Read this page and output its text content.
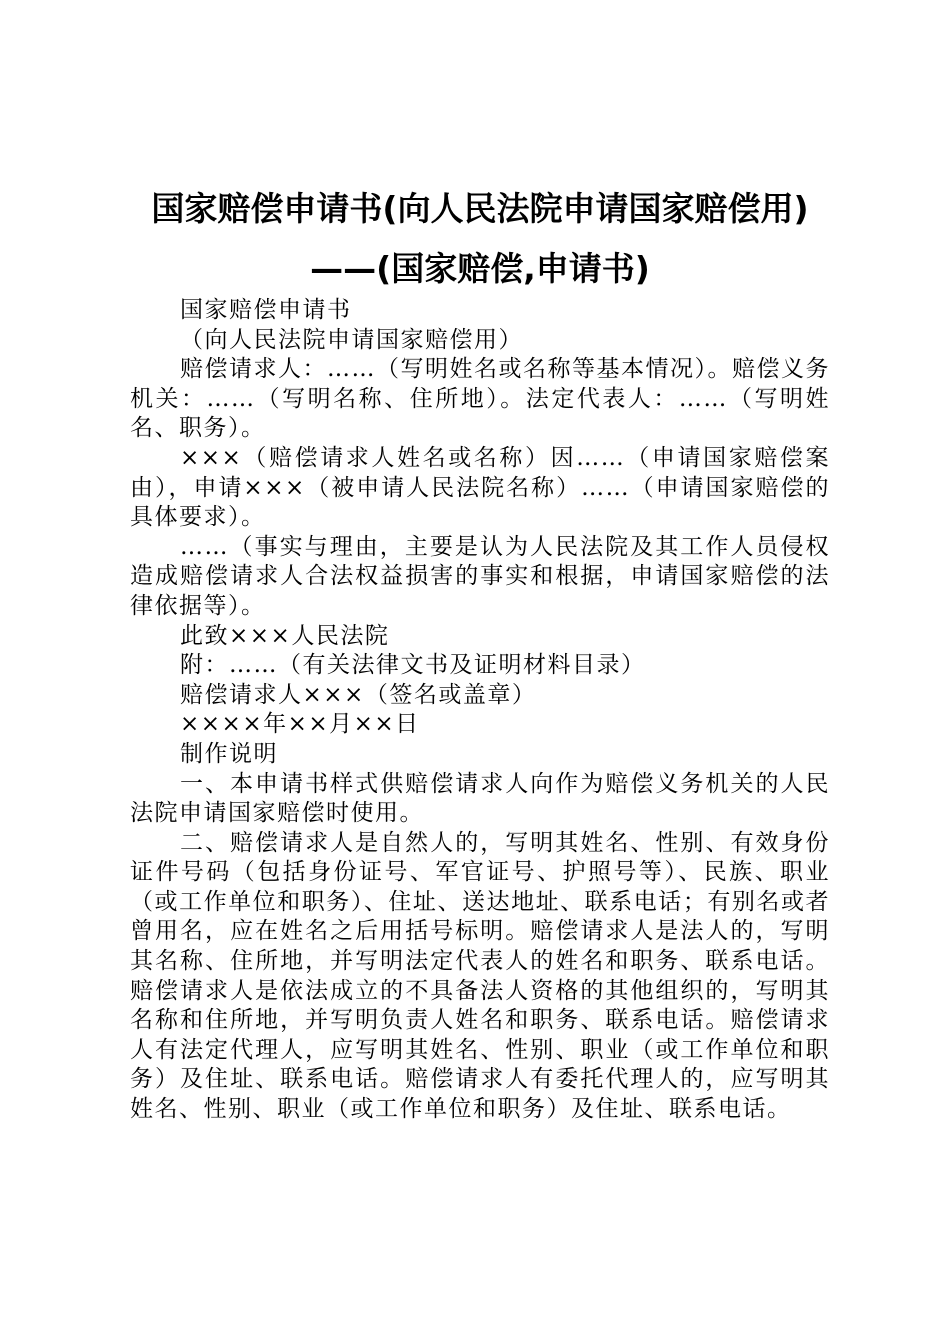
国家赔偿申请书(向人民法院申请国家赔偿用)
——(国家赔偿,申请书)

国家赔偿申请书

（向人民法院申请国家赔偿用）

赔偿请求人：……（写明姓名或名称等基本情况）。赔偿义务机关：……（写明名称、住所地）。法定代表人：……（写明姓名、职务）。

×××（赔偿请求人姓名或名称）因……（申请国家赔偿案由），申请×××（被申请人民法院名称）……（申请国家赔偿的具体要求）。

……（事实与理由，主要是认为人民法院及其工作人员侵权造成赔偿请求人合法权益损害的事实和根据，申请国家赔偿的法律依据等）。

此致×××人民法院

附：……（有关法律文书及证明材料目录）

赔偿请求人×××（签名或盖章）

××××年××月××日

制作说明

一、本申请书样式供赔偿请求人向作为赔偿义务机关的人民法院申请国家赔偿时使用。

二、赔偿请求人是自然人的，写明其姓名、性别、有效身份证件号码（包括身份证号、军官证号、护照号等）、民族、职业（或工作单位和职务）、住址、送达地址、联系电话；有别名或者曾用名，应在姓名之后用括号标明。赔偿请求人是法人的，写明其名称、住所地，并写明法定代表人的姓名和职务、联系电话。赔偿请求人是依法成立的不具备法人资格的其他组织的，写明其名称和住所地，并写明负责人姓名和职务、联系电话。赔偿请求人有法定代理人，应写明其姓名、性别、职业（或工作单位和职务）及住址、联系电话。赔偿请求人有委托代理人的，应写明其姓名、性别、职业（或工作单位和职务）及住址、联系电话。
